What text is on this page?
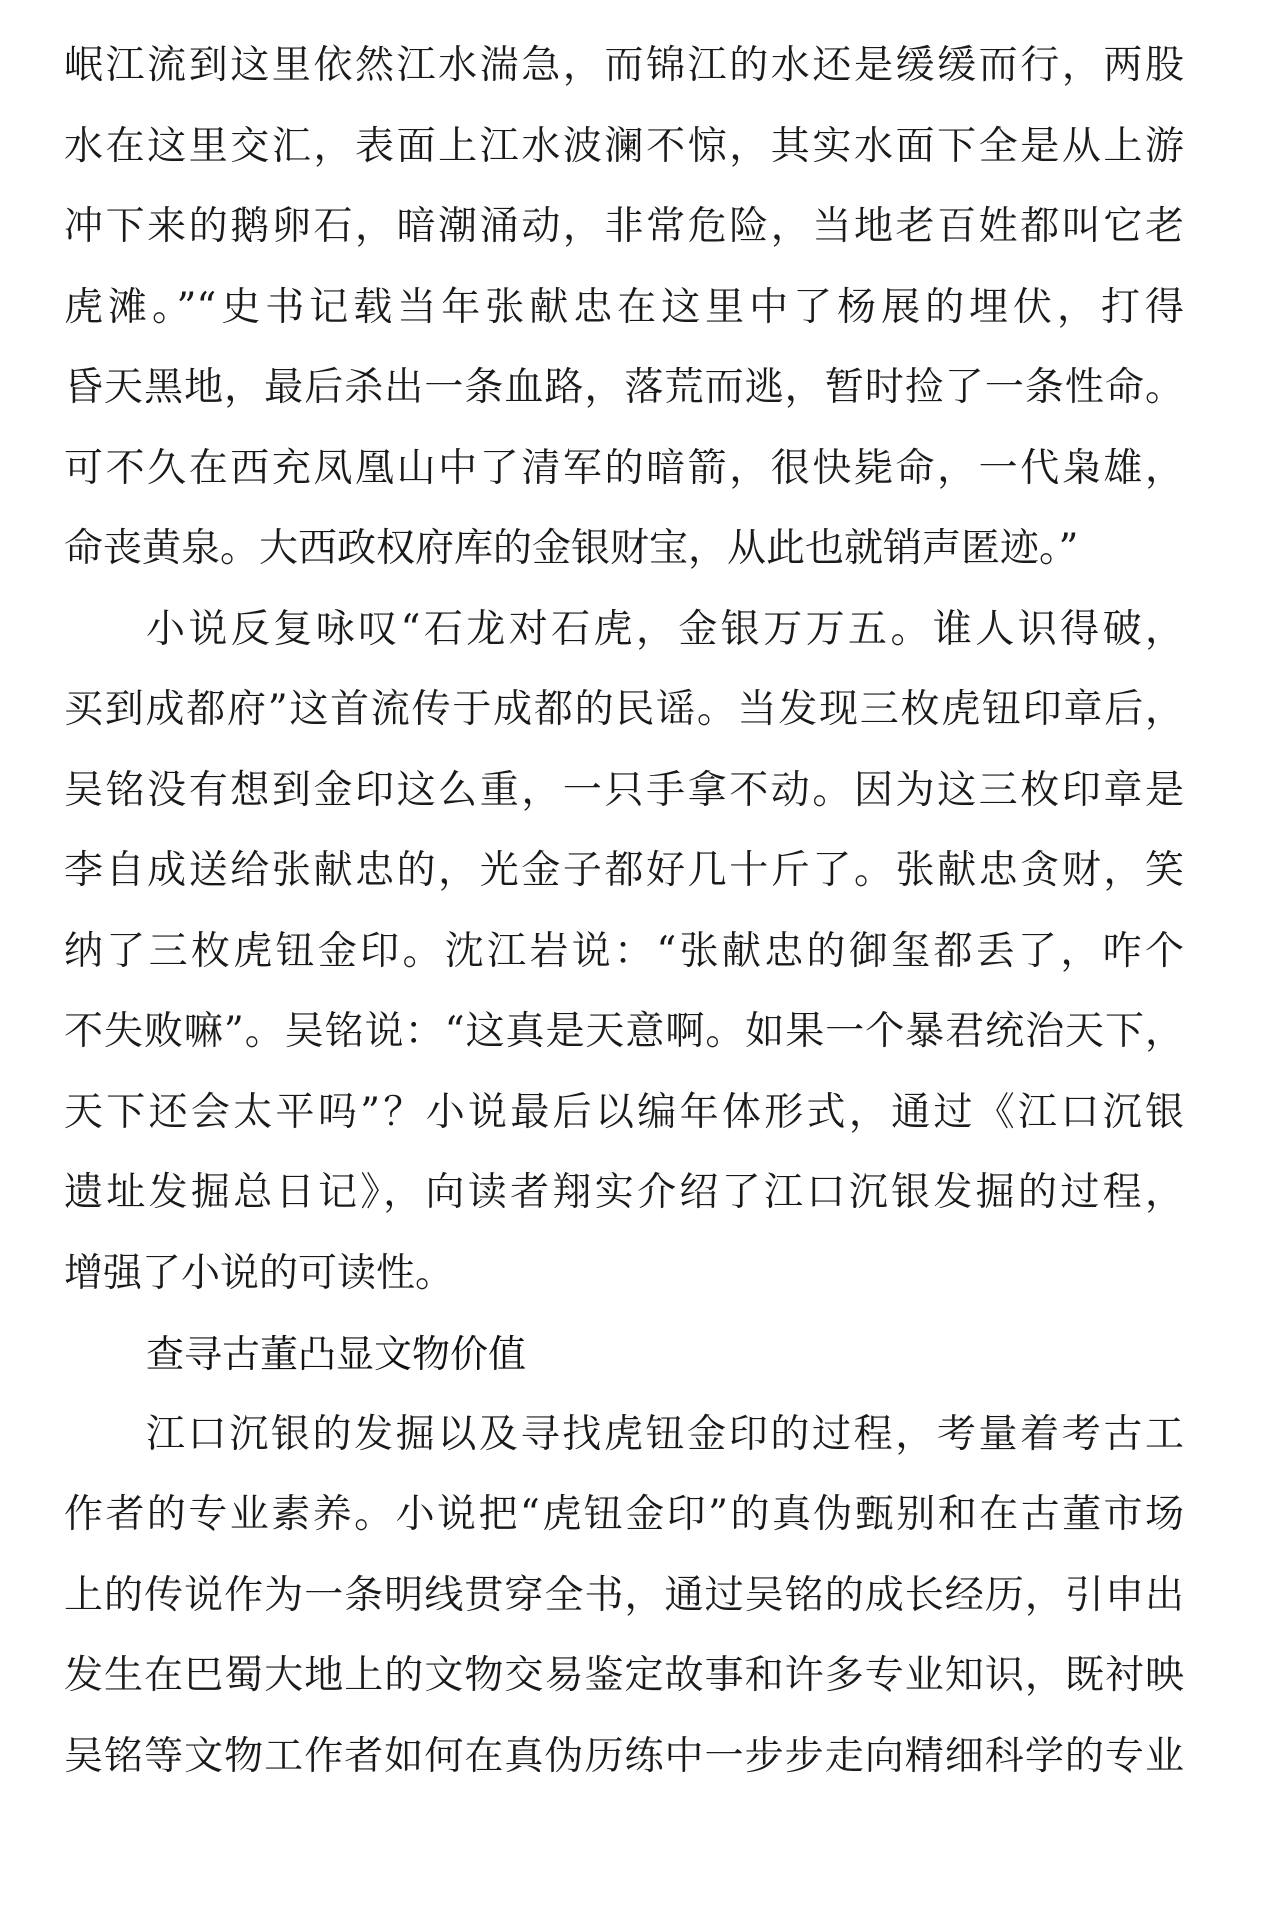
岷江流到这里依然江水湍急，而锦江的水还是缓缓而行，两股
水在这里交汇，表面上江水波澜不惊，其实水面下全是从上游
冲下来的鹅卵石，暗潮涌动，非常危险，当地老百姓都叫它老
虎滩。”“史书记载当年张献忠在这里中了杨展的埋伏，打得
昏天黑地，最后杀出一条血路，落荒而逃，暂时捡了一条性命。
可不久在西充凤凰山中了清军的暗箭，很快毙命，一代枭雄，
命丧黄泉。大西政权府库的金银财宝，从此也就销声匿迹。”
小说反复咏叹“石龙对石虎，金银万万五。谁人识得破，
买到成都府”这首流传于成都的民谣。当发现三枚虎钮印章后，
吴铭没有想到金印这么重，一只手拿不动。因为这三枚印章是
李自成送给张献忠的，光金子都好几十斤了。张献忠贪财，笑
纳了三枚虎钮金印。沈江岩说：“张献忠的御玺都丢了，咋个
不失败嘛”。吴铭说：“这真是天意啊。如果一个暴君统治天下，
天下还会太平吗”？小说最后以编年体形式，通过《江口沉银
遗址发掘总日记》，向读者翔实介绍了江口沉银发掘的过程，
增强了小说的可读性。
查寻古董凸显文物价值
江口沉银的发掘以及寻找虎钮金印的过程，考量着考古工
作者的专业素养。小说把“虎钮金印”的真伪甄别和在古董市场
上的传说作为一条明线贯穿全书，通过吴铭的成长经历，引申出
发生在巴蜀大地上的文物交易鉴定故事和许多专业知识，既衬映
吴铭等文物工作者如何在真伪历练中一步步走向精细科学的专业
